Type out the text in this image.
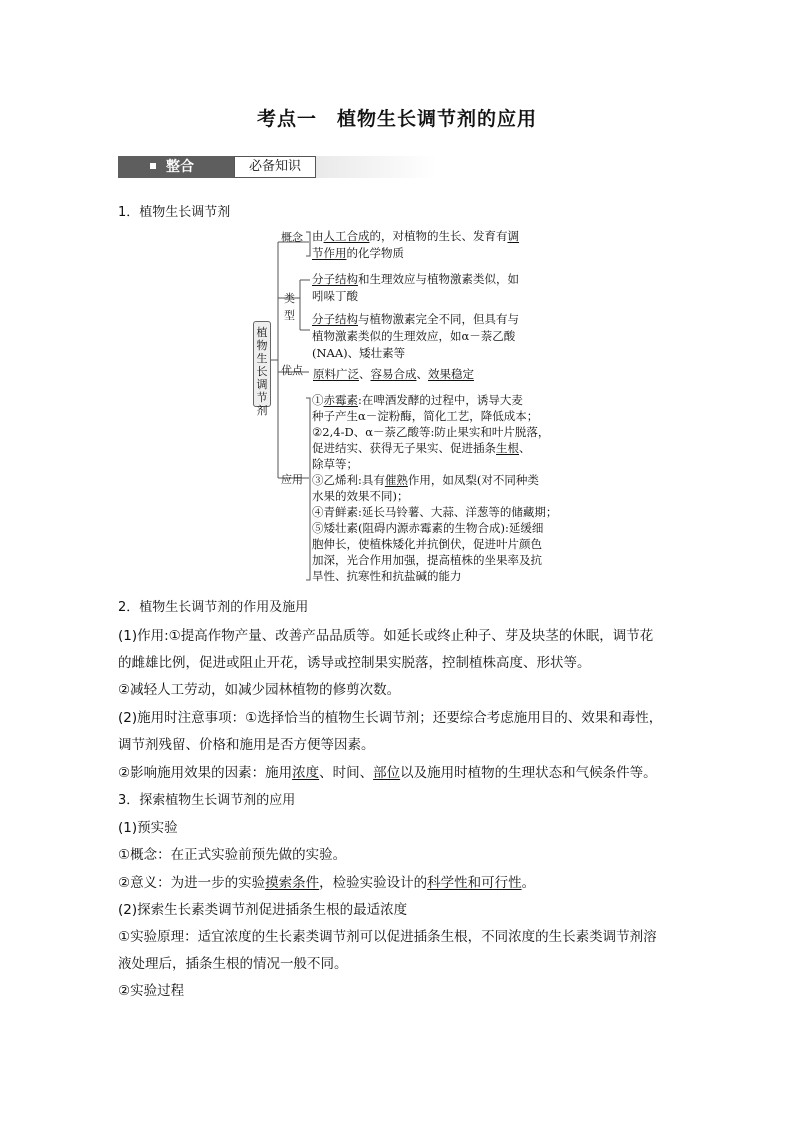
考点一　植物生长调节剂的应用
整合	必备知识
1．植物生长调节剂
植物生长调节剂
概念
类
型
优点
应用
由人工合成的，对植物的生长、发育有调
节作用的化学物质
分子结构和生理效应与植物激素类似，如
吲哚丁酸
分子结构与植物激素完全不同，但具有与
植物激素类似的生理效应，如α－萘乙酸
(NAA)、矮壮素等
原料广泛、容易合成、效果稳定
①赤霉素:在啤酒发酵的过程中，诱导大麦
种子产生α－淀粉酶，简化工艺，降低成本；
②2,4-D、α－萘乙酸等:防止果实和叶片脱落，
促进结实、获得无子果实、促进插条生根、
除草等；
③乙烯利:具有催熟作用，如凤梨(对不同种类
水果的效果不同)；
④青鲜素:延长马铃薯、大蒜、洋葱等的储藏期；
⑤矮壮素(阻碍内源赤霉素的生物合成):延缓细
胞伸长，使植株矮化并抗倒伏，促进叶片颜色
加深，光合作用加强，提高植株的坐果率及抗
旱性、抗寒性和抗盐碱的能力
2．植物生长调节剂的作用及施用
(1)作用:①提高作物产量、改善产品品质等。如延长或终止种子、芽及块茎的休眠，调节花
的雌雄比例，促进或阻止开花，诱导或控制果实脱落，控制植株高度、形状等。
②减轻人工劳动，如减少园林植物的修剪次数。
(2)施用时注意事项：①选择恰当的植物生长调节剂；还要综合考虑施用目的、效果和毒性，
调节剂残留、价格和施用是否方便等因素。
②影响施用效果的因素：施用浓度、时间、部位以及施用时植物的生理状态和气候条件等。
3．探索植物生长调节剂的应用
(1)预实验
①概念：在正式实验前预先做的实验。
②意义：为进一步的实验摸索条件，检验实验设计的科学性和可行性。
(2)探索生长素类调节剂促进插条生根的最适浓度
①实验原理：适宜浓度的生长素类调节剂可以促进插条生根，不同浓度的生长素类调节剂溶
液处理后，插条生根的情况一般不同。
②实验过程
